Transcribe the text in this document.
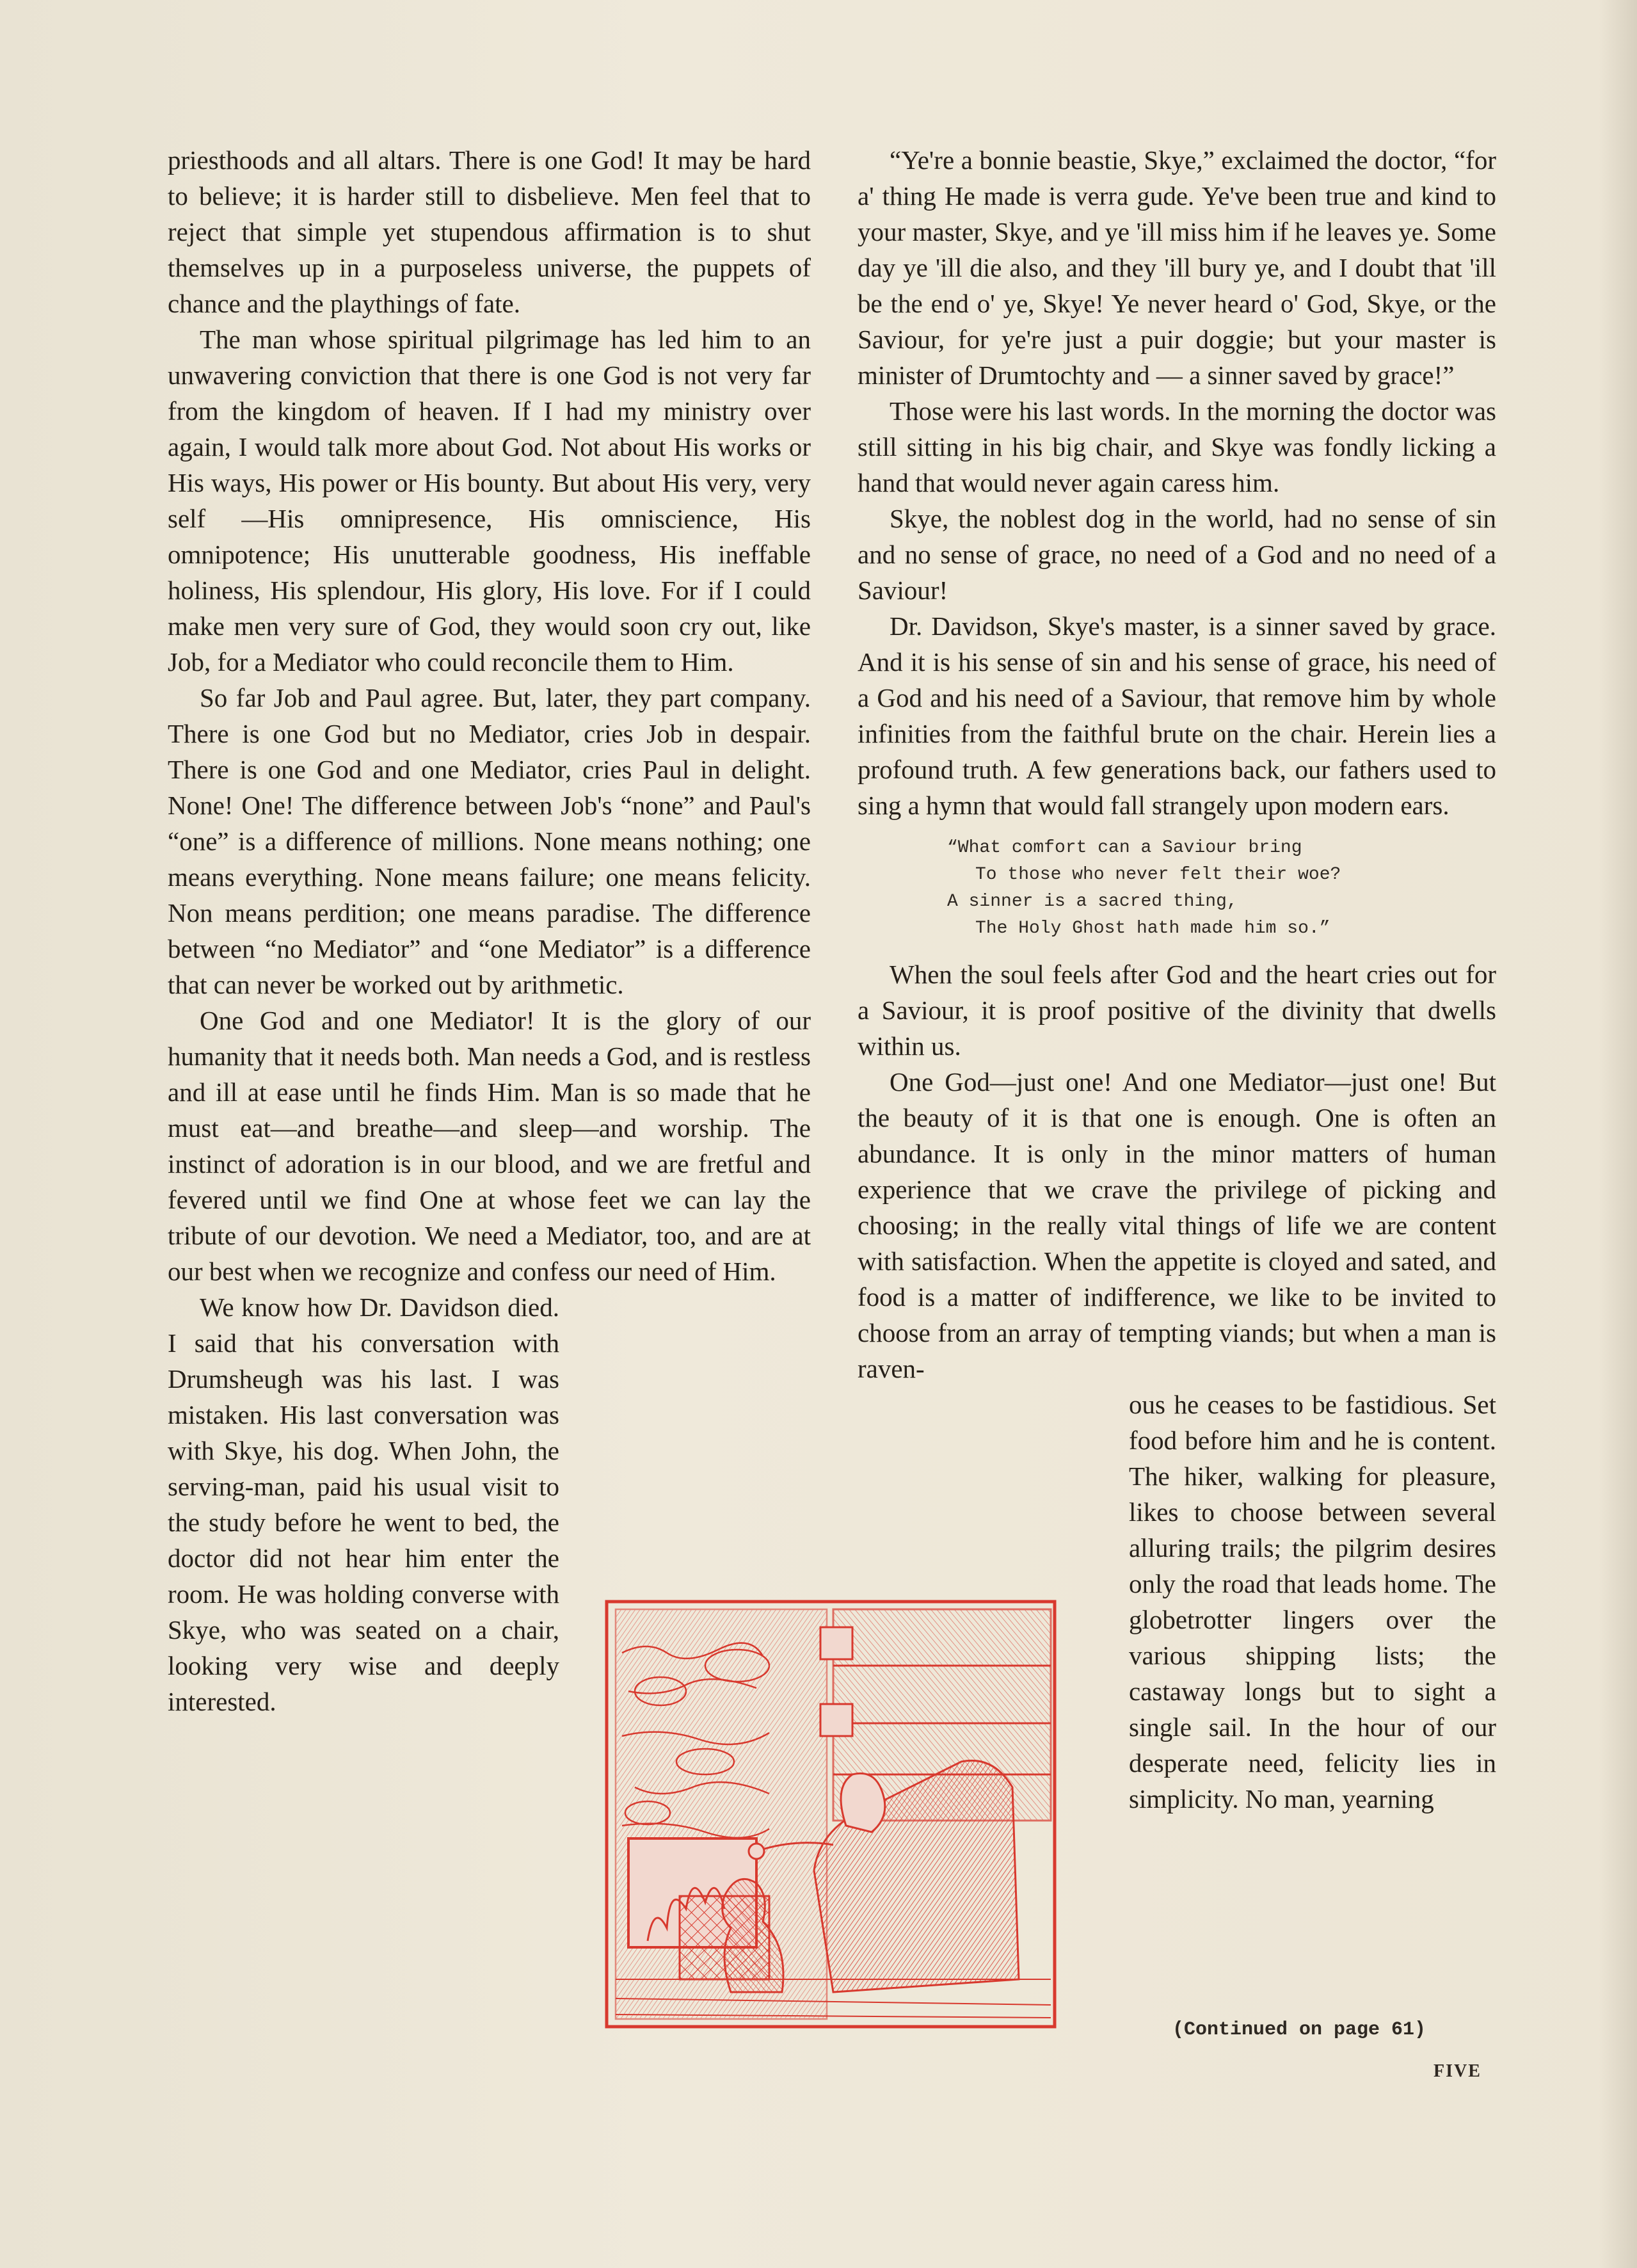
priesthoods and all altars. There is one God! It may be hard to believe; it is harder still to disbelieve. Men feel that to reject that simple yet stupendous affirmation is to shut themselves up in a purposeless universe, the puppets of chance and the playthings of fate.

The man whose spiritual pilgrimage has led him to an unwavering conviction that there is one God is not very far from the kingdom of heaven. If I had my ministry over again, I would talk more about God. Not about His works or His ways, His power or His bounty. But about His very, very self —His omnipresence, His omniscience, His omnipotence; His unutterable goodness, His ineffable holiness, His splendour, His glory, His love. For if I could make men very sure of God, they would soon cry out, like Job, for a Mediator who could reconcile them to Him.

So far Job and Paul agree. But, later, they part company. There is one God but no Mediator, cries Job in despair. There is one God and one Mediator, cries Paul in delight. None! One! The difference between Job's “none” and Paul's “one” is a difference of millions. None means nothing; one means everything. None means failure; one means felicity. Non means perdition; one means paradise. The difference between “no Mediator” and “one Mediator” is a difference that can never be worked out by arithmetic.

One God and one Mediator! It is the glory of our humanity that it needs both. Man needs a God, and is restless and ill at ease until he finds Him. Man is so made that he must eat—and breathe—and sleep—and worship. The instinct of adoration is in our blood, and we are fretful and fevered until we find One at whose feet we can lay the tribute of our devotion. We need a Mediator, too, and are at our best when we recognize and confess our need of Him.

We know how Dr. Davidson died. I said that his conversation with Drumsheugh was his last. I was mistaken. His last conversation was with Skye, his dog. When John, the serving-man, paid his usual visit to the study before he went to bed, the doctor did not hear him enter the room. He was holding converse with Skye, who was seated on a chair, looking very wise and deeply interested.

“Ye're a bonnie beastie, Skye,” exclaimed the doctor, “for a' thing He made is verra gude. Ye've been true and kind to your master, Skye, and ye 'ill miss him if he leaves ye. Some day ye 'ill die also, and they 'ill bury ye, and I doubt that 'ill be the end o' ye, Skye! Ye never heard o' God, Skye, or the Saviour, for ye're just a puir doggie; but your master is minister of Drumtochty and — a sinner saved by grace!”

Those were his last words. In the morning the doctor was still sitting in his big chair, and Skye was fondly licking a hand that would never again caress him.

Skye, the noblest dog in the world, had no sense of sin and no sense of grace, no need of a God and no need of a Saviour!

Dr. Davidson, Skye's master, is a sinner saved by grace. And it is his sense of sin and his sense of grace, his need of a God and his need of a Saviour, that remove him by whole infinities from the faithful brute on the chair. Herein lies a profound truth. A few generations back, our fathers used to sing a hymn that would fall strangely upon modern ears.

“What comfort can a Saviour bring
To those who never felt their woe?
A sinner is a sacred thing,
The Holy Ghost hath made him so.”

When the soul feels after God and the heart cries out for a Saviour, it is proof positive of the divinity that dwells within us.

One God—just one! And one Mediator—just one! But the beauty of it is that one is enough. One is often an abundance. It is only in the minor matters of human experience that we crave the privilege of picking and choosing; in the really vital things of life we are content with satisfaction. When the appetite is cloyed and sated, and food is a matter of indifference, we like to be invited to choose from an array of tempting viands; but when a man is raven-

ous he ceases to be fastidious. Set food before him and he is content. The hiker, walking for pleasure, likes to choose between several alluring trails; the pilgrim desires only the road that leads home. The globetrotter lingers over the various shipping lists; the castaway longs but to sight a single sail. In the hour of our desperate need, felicity lies in simplicity. No man, yearning

(Continued on page 61)
FIVE
